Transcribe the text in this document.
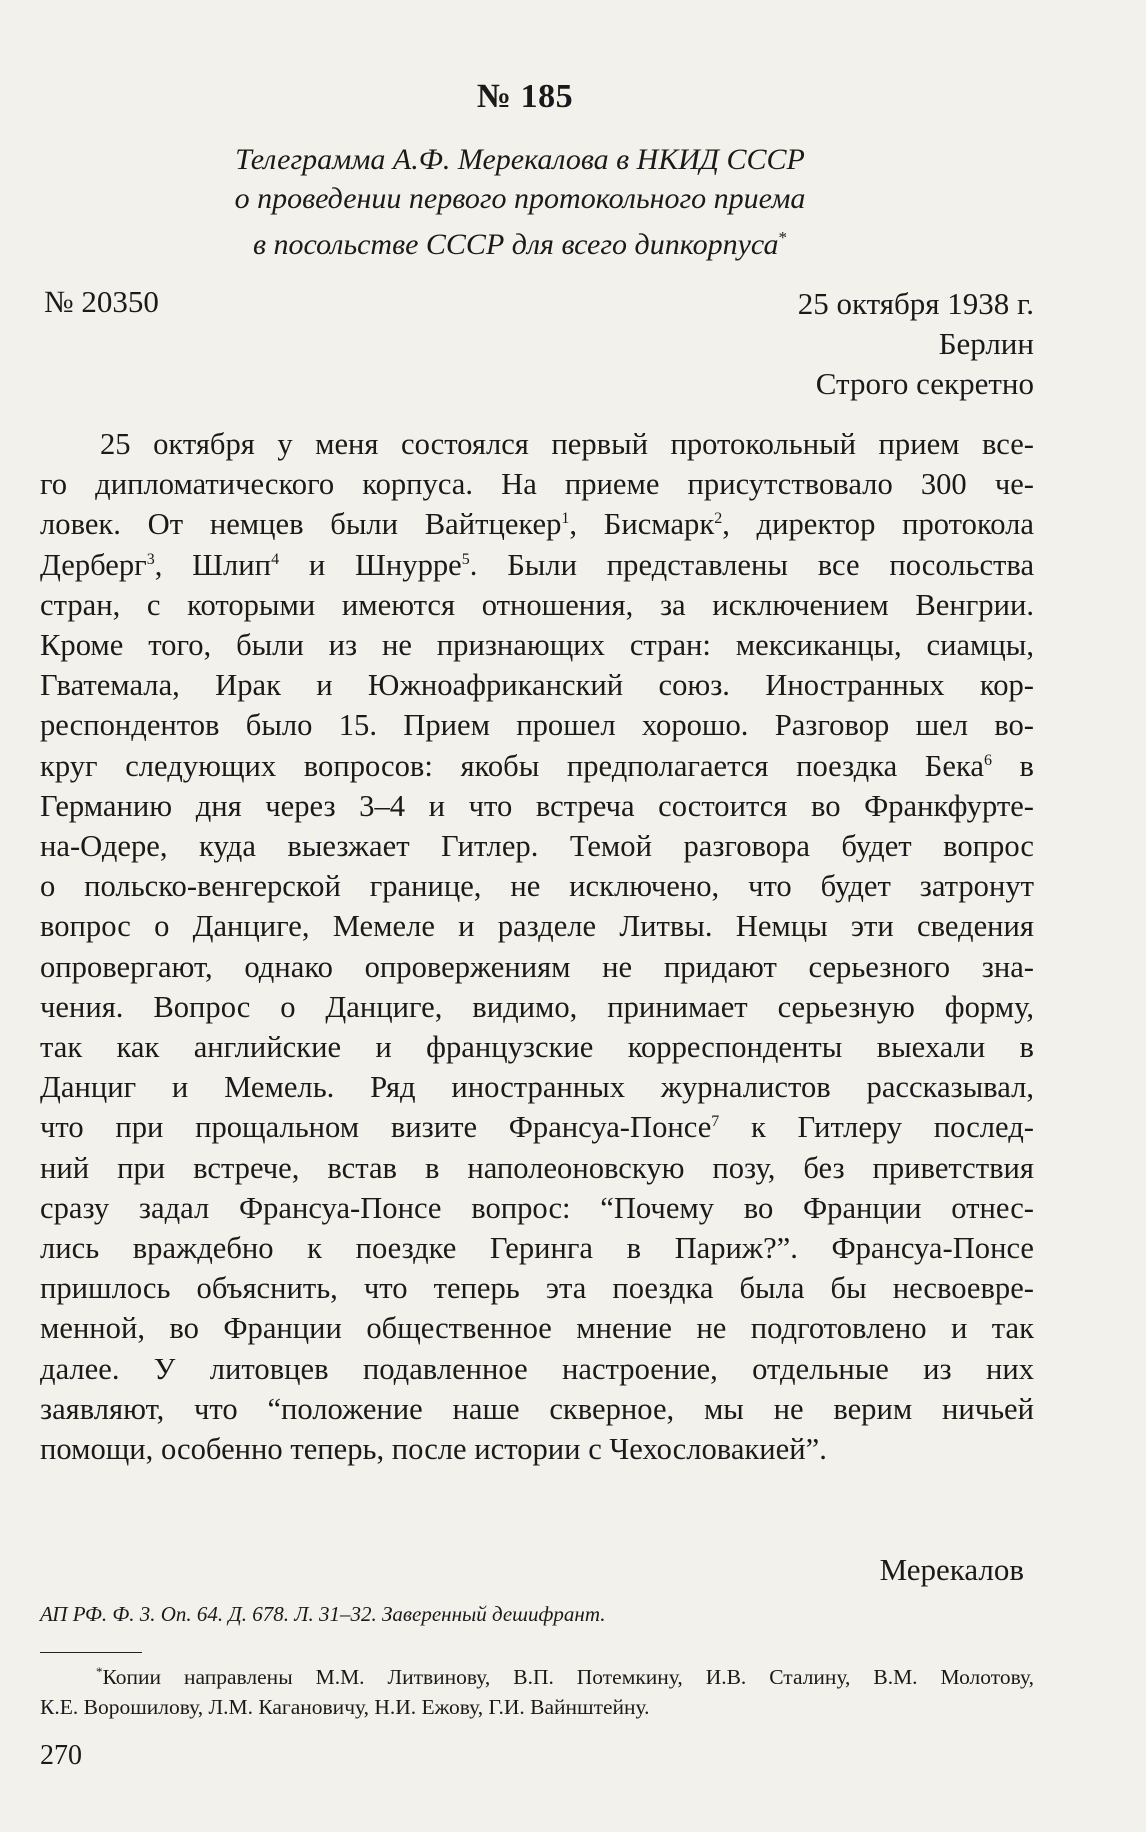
№ 185
Телеграмма А.Ф. Мерекалова в НКИД СССР
о проведении первого протокольного приема
в посольстве СССР для всего дипкорпуса*
№ 20350	25 октября 1938 г.
Берлин
Строго секретно
25 октября у меня состоялся первый протокольный прием все-
го дипломатического корпуса. На приеме присутствовало 300 че-
ловек. От немцев были Вайтцекер$^1$, Бисмарк$^2$, директор протокола
Дерберг$^3$, Шлип$^4$ и Шнурре$^5$. Были представлены все посольства
стран, с которыми имеются отношения, за исключением Венгрии.
Кроме того, были из не признающих стран: мексиканцы, сиамцы,
Гватемала, Ирак и Южноафриканский союз. Иностранных кор-
респондентов было 15. Прием прошел хорошо. Разговор шел во-
круг следующих вопросов: якобы предполагается поездка Бека$^6$ в
Германию дня через 3–4 и что встреча состоится во Франкфурте-
на-Одере, куда выезжает Гитлер. Темой разговора будет вопрос
о польско-венгерской границе, не исключено, что будет затронут
вопрос о Данциге, Мемеле и разделе Литвы. Немцы эти сведения
опровергают, однако опровержениям не придают серьезного зна-
чения. Вопрос о Данциге, видимо, принимает серьезную форму,
так как английские и французские корреспонденты выехали в
Данциг и Мемель. Ряд иностранных журналистов рассказывал,
что при прощальном визите Франсуа-Понсе$^7$ к Гитлеру послед-
ний при встрече, встав в наполеоновскую позу, без приветствия
сразу задал Франсуа-Понсе вопрос: “Почему во Франции отнес-
лись враждебно к поездке Геринга в Париж?”. Франсуа-Понсе
пришлось объяснить, что теперь эта поездка была бы несвоевре-
менной, во Франции общественное мнение не подготовлено и так
далее. У литовцев подавленное настроение, отдельные из них
заявляют, что “положение наше скверное, мы не верим ничьей
помощи, особенно теперь, после истории с Чехословакией”.
Мерекалов
АП РФ. Ф. 3. Оп. 64. Д. 678. Л. 31–32. Заверенный дешифрант.
*Копии направлены М.М. Литвинову, В.П. Потемкину, И.В. Сталину, В.М. Молотову,
К.Е. Ворошилову, Л.М. Кагановичу, Н.И. Ежову, Г.И. Вайнштейну.
270
